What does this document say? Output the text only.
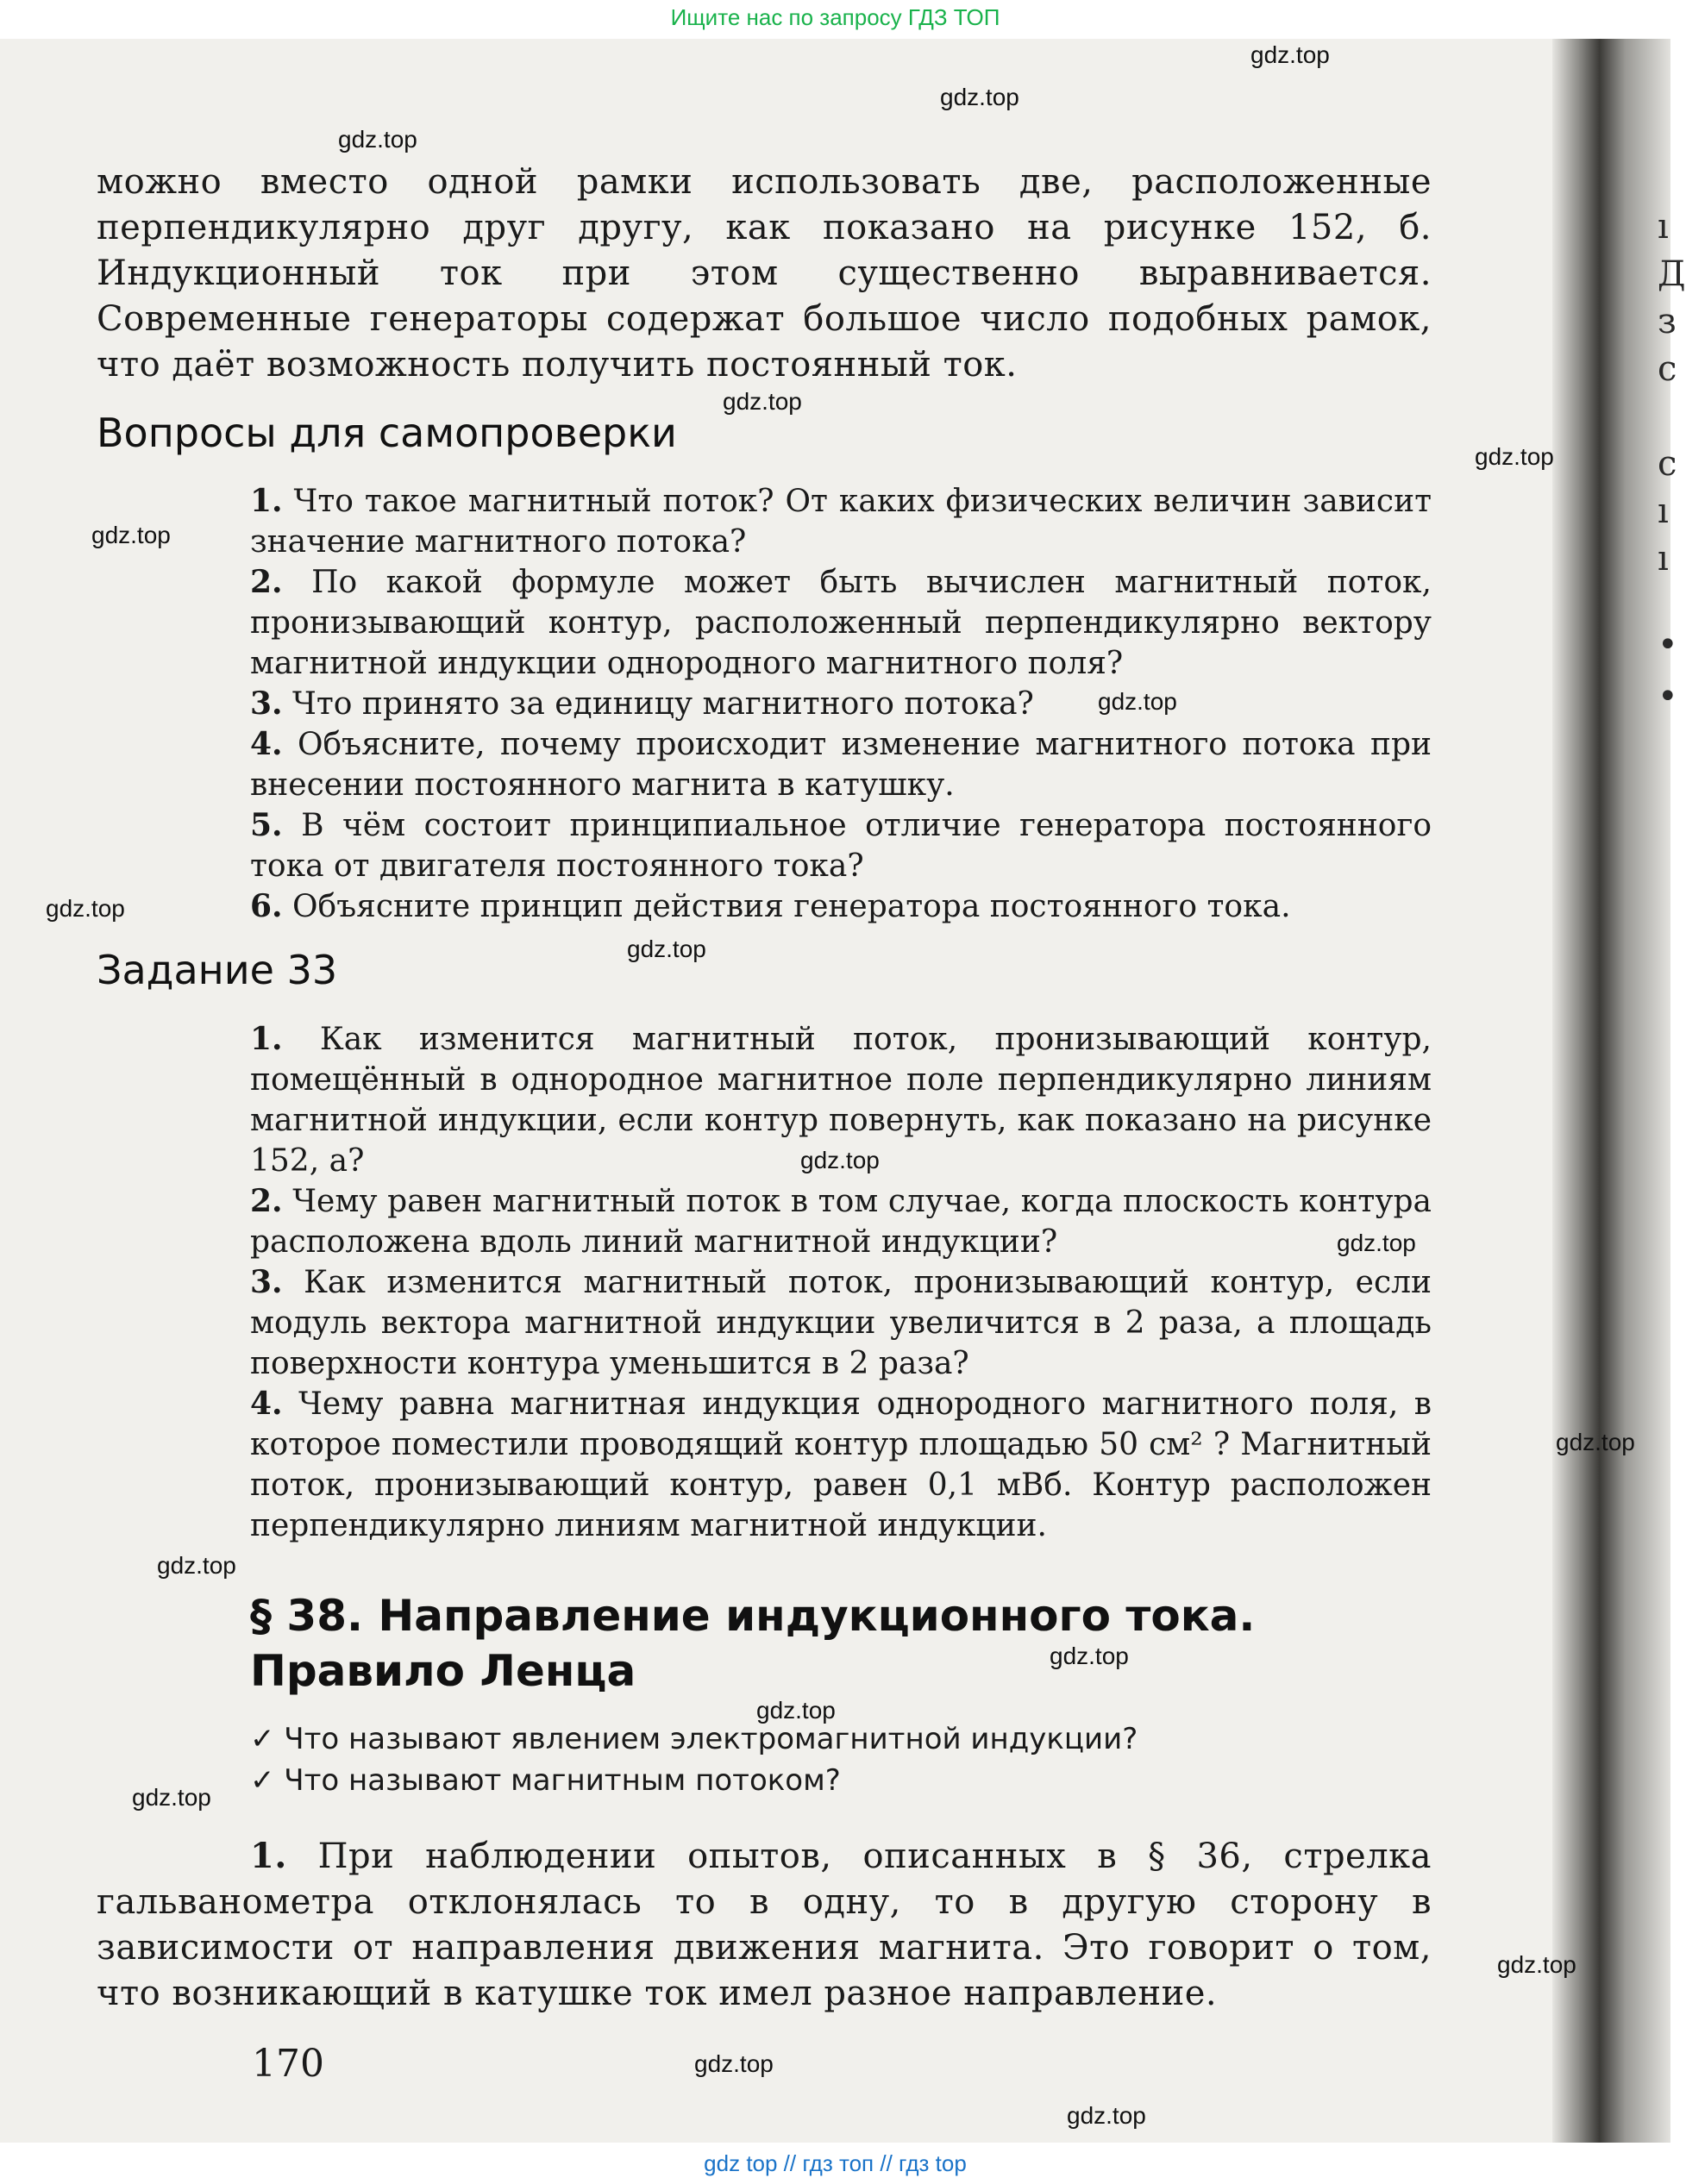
Ищите нас по запросу ГДЗ ТОП
ı
Д
з
с
с
ı
ı
•
•

можно вместо одной рамки использовать две, расположенные перпендикулярно друг другу, как показано на рисунке 152, б. Индукционный ток при этом существенно выравнивается. Современные генераторы содержат большое число подобных рамок, что даёт возможность получить постоянный ток.

Вопросы для самопроверки

1. Что такое магнитный поток? От каких физических величин зависит значение магнитного потока?

2. По какой формуле может быть вычислен магнитный поток, пронизывающий контур, расположенный перпендикулярно вектору магнитной индукции однородного магнитного поля?

3. Что принято за единицу магнитного потока?

4. Объясните, почему происходит изменение магнитного потока при внесении постоянного магнита в катушку.

5. В чём состоит принципиальное отличие генератора постоянного тока от двигателя постоянного тока?

6. Объясните принцип действия генератора постоянного тока.

Задание 33

1. Как изменится магнитный поток, пронизывающий контур, помещённый в однородное магнитное поле перпендикулярно линиям магнитной индукции, если контур повернуть, как показано на рисунке 152, а?

2. Чему равен магнитный поток в том случае, когда плоскость контура расположена вдоль линий магнитной индукции?

3. Как изменится магнитный поток, пронизывающий контур, если модуль вектора магнитной индукции увеличится в 2 раза, а площадь поверхности контура уменьшится в 2 раза?

4. Чему равна магнитная индукция однородного магнитного поля, в которое поместили проводящий контур площадью 50 см² ? Магнитный поток, пронизывающий контур, равен 0,1 мВб. Контур расположен перпендикулярно линиям магнитной индукции.

§ 38. Направление индукционного тока.
Правило Ленца
✓ Что называют явлением электромагнитной индукции?
✓ Что называют магнитным потоком?

1. При наблюдении опытов, описанных в § 36, стрелка гальванометра отклонялась то в одну, то в другую сторону в зависимости от направления движения магнита. Это говорит о том, что возникающий в катушке ток имел разное направление.

170
gdz.top
gdz.top
gdz.top
gdz.top
gdz.top
gdz.top
gdz.top
gdz.top
gdz.top
gdz.top
gdz.top
gdz.top
gdz.top
gdz.top
gdz.top
gdz.top
gdz.top
gdz.top
gdz.top
gdz top // гдз топ // гдз top
